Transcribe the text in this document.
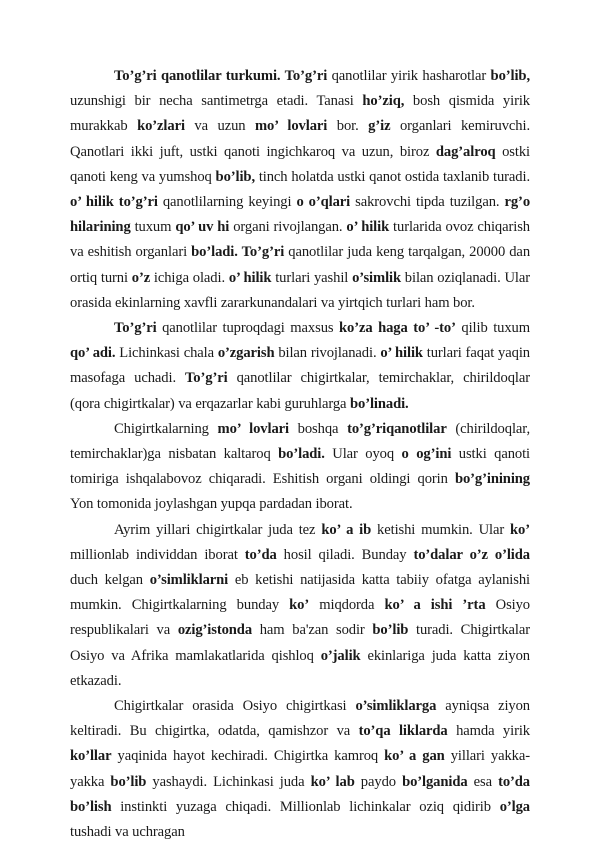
To’g’ri qanotlilar turkumi. To’g’ri qanotlilar yirik hasharotlar bo’lib, uzunshigi bir necha santimetrga etadi. Tanasi ho’ziq, bosh qismida yirik murakkab ko’zlari va uzun mo’ lovlari bor. g’iz organlari kemiruvchi. Qanotlari ikki juft, ustki qanoti ingichkaroq va uzun, biroz dag’alroq ostki qanoti keng va yumshoq bo’lib, tinch holatda ustki qanot ostida taxlanib turadi. o’ hilik to’g’ri qanotlilarning keyingi o o’qlari sakrovchi tipda tuzilgan. rg’o hilarining tuxum qo’ uv hi organi rivojlangan. o’ hilik turlarida ovoz chiqarish va eshitish organlari bo’ladi. To’g’ri qanotlilar juda keng tarqalgan, 20000 dan ortiq turni o’z ichiga oladi. o’ hilik turlari yashil o’simlik bilan oziqlanadi. Ular orasida ekinlarning xavfli zararkunandalari va yirtqich turlari ham bor.

To’g’ri qanotlilar tuproqdagi maxsus ko’za haga to’ -to’ qilib tuxum qo’ adi. Lichinkasi chala o’zgarish bilan rivojlanadi. o’ hilik turlari faqat yaqin masofaga uchadi. To’g’ri qanotlilar chigirtkalar, temirchaklar, chirildoqlar (qora chigirtkalar) va erqazarlar kabi guruhlarga bo’linadi.

Chigirtkalarning mo’ lovlari boshqa to’g’riqanotlilar (chirildoqlar, temirchaklar)ga nisbatan kaltaroq bo’ladi. Ular oyoq o og’ini ustki qanoti tomiriga ishqalabovoz chiqaradi. Eshitish organi oldingi qorin bo’g’inining Yon tomonida joylashgan yupqa pardadan iborat.

Ayrim yillari chigirtkalar juda tez ko’ a ib ketishi mumkin. Ular ko’ millionlab individdan iborat to’da hosil qiladi. Bunday to’dalar o’z o’lida duch kelgan o’simliklarni eb ketishi natijasida katta tabiiy ofatga aylanishi mumkin. Chigirtkalarning bunday ko’ miqdorda ko’ a ishi ’rta Osiyo respublikalari va ozig’istonda ham ba'zan sodir bo’lib turadi. Chigirtkalar Osiyo va Afrika mamlakatlarida qishloq o’jalik ekinlariga juda katta ziyon etkazadi.

Chigirtkalar orasida Osiyo chigirtkasi o’simliklarga ayniqsa ziyon keltiradi. Bu chigirtka, odatda, qamishzor va to’qa liklarda hamda yirik ko’llar yaqinida hayot kechiradi. Chigirtka kamroq ko’ a gan yillari yakka-yakka bo’lib yashaydi. Lichinkasi juda ko’ lab paydo bo’lganida esa to’da bo’lish instinkti yuzaga chiqadi. Millionlab lichinkalar oziq qidirib o’lga tushadi va uchragan
